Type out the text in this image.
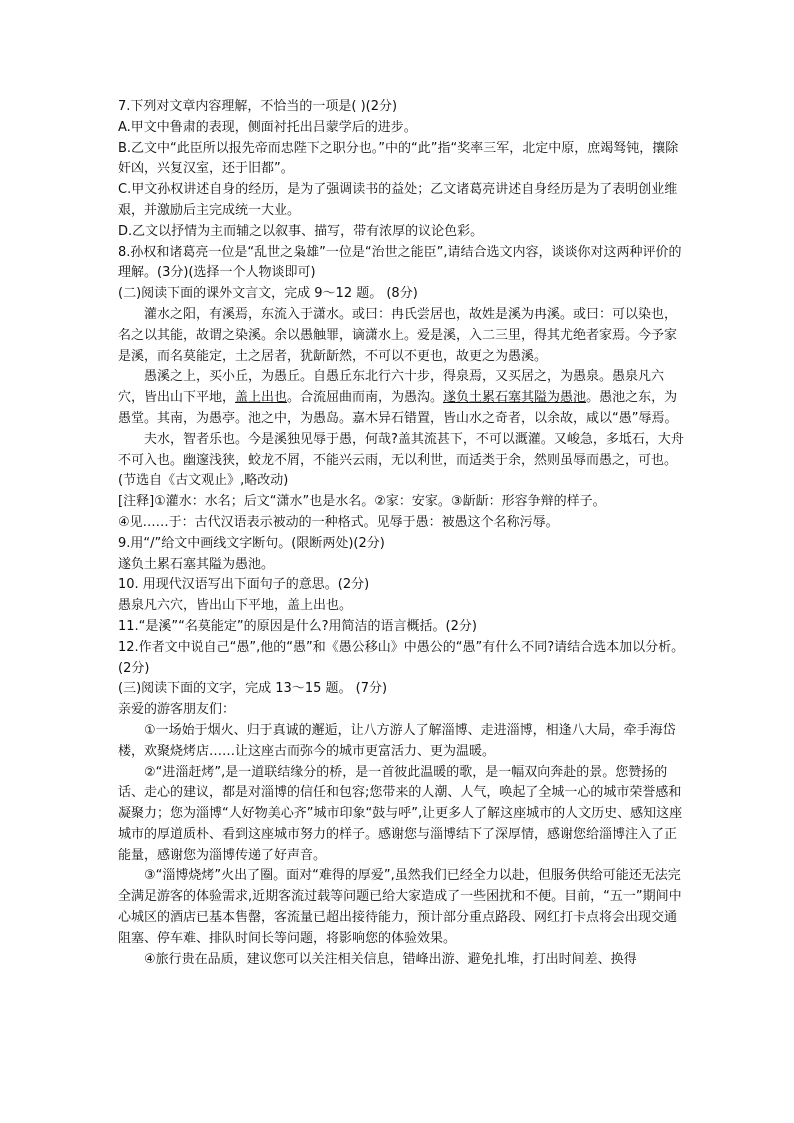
7.下列对文章内容理解，不恰当的一项是( )(2分)
A.甲文中鲁肃的表现，侧面衬托出吕蒙学后的进步。
B.乙文中“此臣所以报先帝而忠陛下之职分也。”中的“此”指“奖率三军，北定中原，庶竭驽钝，攘除奸凶，兴复汉室，还于旧都”。
C.甲文孙权讲述自身的经历，是为了强调读书的益处；乙文诸葛亮讲述自身经历是为了表明创业维艰，并激励后主完成统一大业。
D.乙文以抒情为主而辅之以叙事、描写，带有浓厚的议论色彩。
8.孙权和诸葛亮一位是“乱世之枭雄”一位是“治世之能臣”,请结合选文内容，谈谈你对这两种评价的理解。(3分)(选择一个人物谈即可)
(二)阅读下面的课外文言文，完成 9～12 题。 (8分)
灌水之阳，有溪焉，东流入于潇水。或曰：冉氏尝居也，故姓是溪为冉溪。或曰：可以染也，名之以其能，故谓之染溪。余以愚触罪，谪潇水上。爱是溪，入二三里，得其尤绝者家焉。今予家是溪，而名莫能定，土之居者，犹龂龂然，不可以不更也，故更之为愚溪。
愚溪之上，买小丘，为愚丘。自愚丘东北行六十步，得泉焉，又买居之，为愚泉。愚泉凡六穴，皆出山下平地，盖上出也。合流屈曲而南，为愚沟。遂负土累石塞其隘为愚池。愚池之东，为愚堂。其南，为愚亭。池之中，为愚岛。嘉木异石错置，皆山水之奇者，以余故，咸以“愚”辱焉。
夫水，智者乐也。今是溪独见辱于愚，何哉?盖其流甚下，不可以溉灌。又峻急，多坻石，大舟不可入也。幽邃浅狭，蛟龙不屑，不能兴云雨，无以利世，而适类于余，然则虽辱而愚之，可也。
(节选自《古文观止》,略改动)
[注释]①灌水：水名；后文“潇水”也是水名。②家：安家。③龂龂：形容争辩的样子。
④见……于：古代汉语表示被动的一种格式。见辱于愚：被愚这个名称污辱。
9.用“/”给文中画线文字断句。(限断两处)(2分)
遂负土累石塞其隘为愚池。
10. 用现代汉语写出下面句子的意思。(2分)
愚泉凡六穴，皆出山下平地，盖上出也。
11.“是溪”“名莫能定”的原因是什么?用简洁的语言概括。(2分)
12.作者文中说自己“愚”,他的“愚”和《愚公移山》中愚公的“愚”有什么不同?请结合选本加以分析。 (2分)
(三)阅读下面的文字，完成 13～15 题。 (7分)
亲爱的游客朋友们：
①一场始于烟火、归于真诚的邂逅，让八方游人了解淄博、走进淄博，相逢八大局，牵手海岱楼，欢聚烧烤店……让这座古而弥今的城市更富活力、更为温暖。
②“进淄赶烤”,是一道联结缘分的桥，是一首彼此温暖的歌，是一幅双向奔赴的景。您赞扬的话、走心的建议，都是对淄博的信任和包容;您带来的人潮、人气，唤起了全城一心的城市荣誉感和凝聚力；您为淄博“人好物美心齐”城市印象“鼓与呼”,让更多人了解这座城市的人文历史、感知这座城市的厚道质朴、看到这座城市努力的样子。感谢您与淄博结下了深厚情，感谢您给淄博注入了正能量，感谢您为淄博传递了好声音。
③“淄博烧烤”火出了圈。面对“难得的厚爱”,虽然我们已经全力以赴，但服务供给可能还无法完全满足游客的体验需求,近期客流过载等问题已给大家造成了一些困扰和不便。目前，“五一”期间中心城区的酒店已基本售罄，客流量已超出接待能力，预计部分重点路段、网红打卡点将会出现交通阻塞、停车难、排队时间长等问题，将影响您的体验效果。
④旅行贵在品质，建议您可以关注相关信息，错峰出游、避免扎堆，打出时间差、换得
